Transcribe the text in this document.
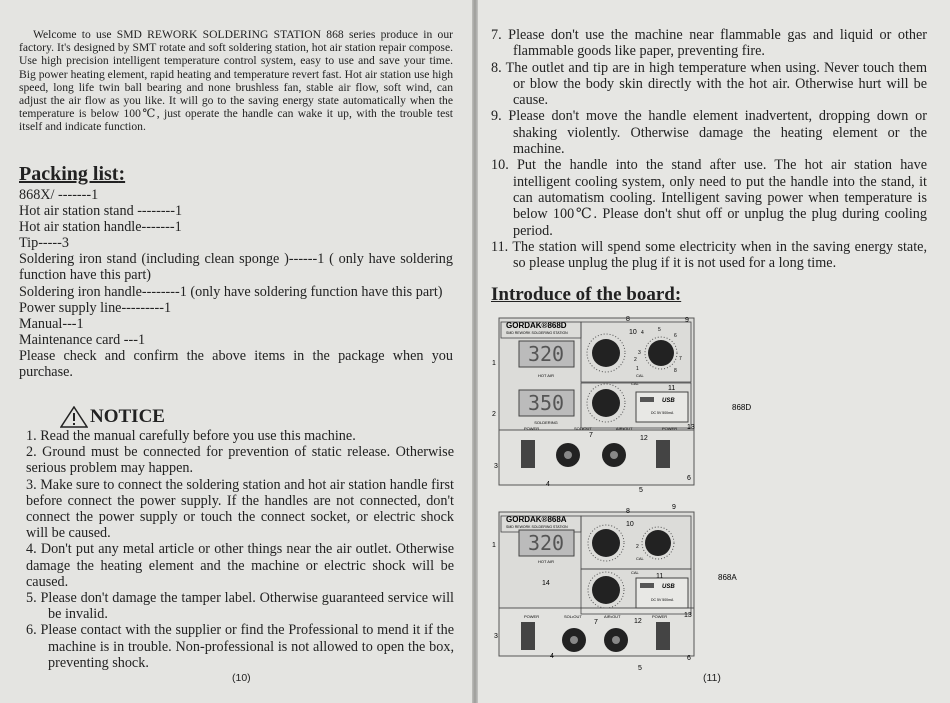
Welcome to use SMD REWORK SOLDERING STATION 868 series produce in our factory. It's designed by SMT rotate and soft soldering station, hot air station repair compose. Use high precision intelligent temperature control system, easy to use and save your time. Big power heating element, rapid heating and temperature revert fast. Hot air station use high speed, long life twin ball bearing and none brushless fan, stable air flow, soft wind, can adjust the air flow as you like. It will go to the saving energy state automatically when the temperature is below 100℃, just operate the handle can wake it up, with the trouble test itself and indicate function.
Packing list:
868X/ -------1
Hot air station stand --------1
Hot air station handle-------1
Tip-----3
Soldering iron stand (including clean sponge )------1 ( only have soldering function have this part)
Soldering iron handle--------1 (only have soldering function have this part)
Power supply line---------1
Manual---1
Maintenance card ---1
Please check and confirm the above items in the package when you purchase.
NOTICE
1. Read the manual carefully before you use this machine.
2. Ground must be connected for prevention of static release. Otherwise serious problem may happen.
3. Make sure to connect the soldering station and hot air station handle first before connect the power supply. If the handles are not connected, don't connect the power supply or touch the connect socket, or electric shock will be caused.
4. Don't put any metal article or other things near the air outlet. Otherwise damage the heating element and the machine or electric shock will be caused.
5. Please don't damage the tamper label. Otherwise guaranteed service will be invalid.
6. Please contact with the supplier or find the Professional to mend it if the machine is in trouble. Non-professional is not allowed to open the box, preventing shock.
(10)
7. Please don't use the machine near flammable gas and liquid or other flammable goods like paper, preventing fire.
8. The outlet and tip are in high temperature when using. Never touch them or blow the body skin directly with the hot air. Otherwise hurt will be cause.
9. Please don't move the handle element inadvertent, dropping down or shaking violently. Otherwise damage the heating element or the machine.
10. Put the handle into the stand after use. The hot air station have intelligent cooling system, only need to put the handle into the stand, it can automatism cooling. Intelligent saving power when temperature is below 100℃. Please don't shut off or unplug the plug during cooling period.
11. The station will spend some electricity when in the saving energy state, so please unplug the plug if it is not used for a long time.
Introduce of the board:
GORDAK®868D
SMD REWORK SOLDERING STATION
320
HOT AIR
350
SOLDERING
4	5
6
7
3
2
1	8
CAL
CAL
USB
DC 5V 500mA
POWER	SOL•OUT	AIR•OUT	POWER
1
2
3
4
5
6
7
8	9
10
11
12
13
868D
GORDAK®868A
SMD REWORK SOLDERING STATION
320
HOT AIR
2
CAL
CAL
USB
DC 5V 500mA
POWER	SOL•OUT	AIR•OUT	POWER
1
3
4
5
6
7
8
9
10
11
12
13
14
868A
(11)
